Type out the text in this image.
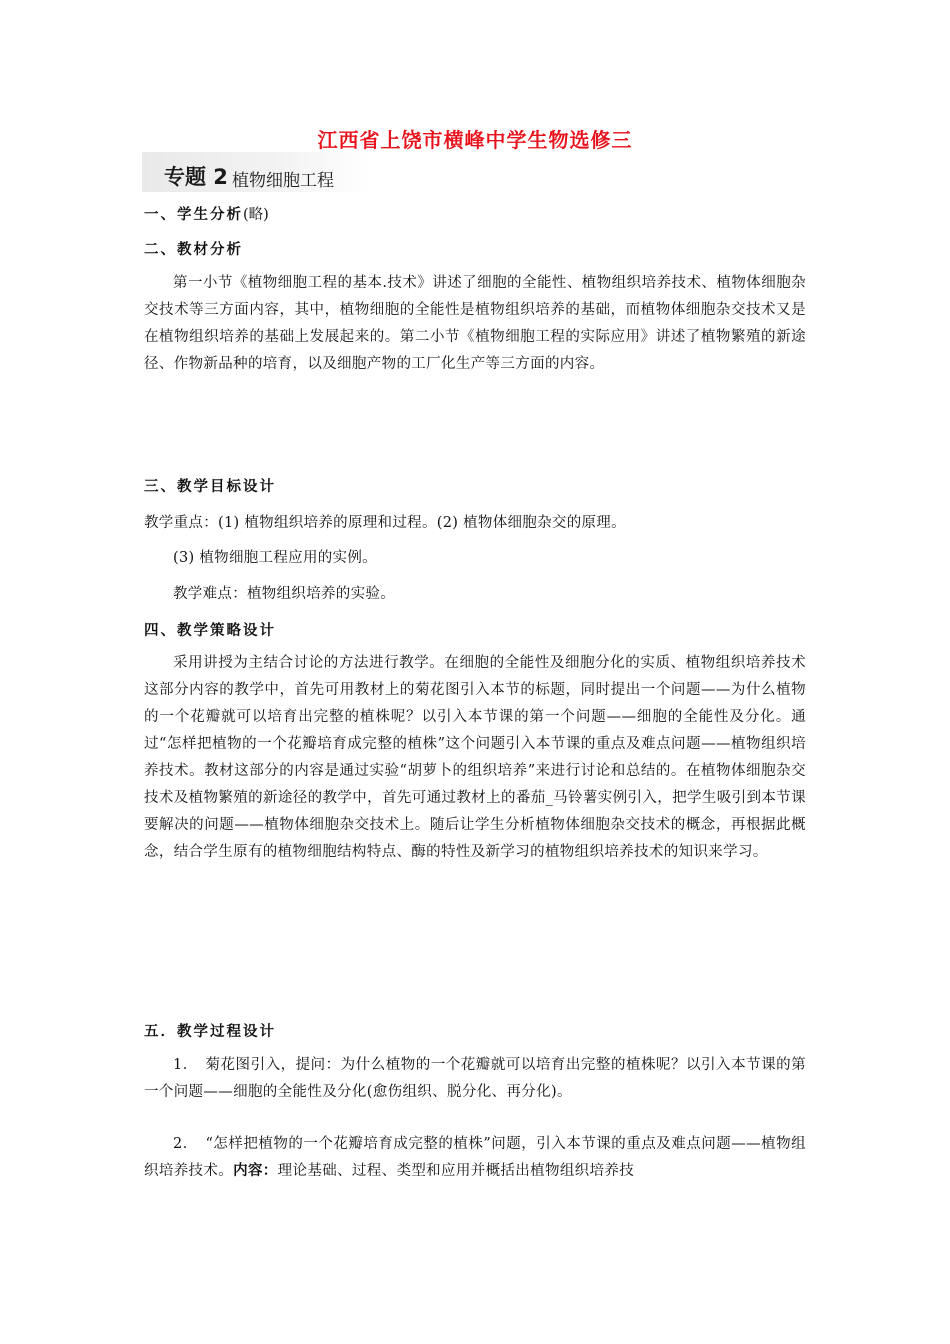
江西省上饶市横峰中学生物选修三
专题 2 植物细胞工程
一、学生分析(略)
二、教材分析
第一小节《植物细胞工程的基本.技术》讲述了细胞的全能性、植物组织培养技术、植物体细胞杂交技术等三方面内容，其中，植物细胞的全能性是植物组织培养的基础，而植物体细胞杂交技术又是在植物组织培养的基础上发展起来的。第二小节《植物细胞工程的实际应用》讲述了植物繁殖的新途径、作物新品种的培育，以及细胞产物的工厂化生产等三方面的内容。
三、教学目标设计
教学重点：(1) 植物组织培养的原理和过程。(2) 植物体细胞杂交的原理。
(3) 植物细胞工程应用的实例。
教学难点：植物组织培养的实验。
四、教学策略设计
采用讲授为主结合讨论的方法进行教学。在细胞的全能性及细胞分化的实质、植物组织培养技术这部分内容的教学中，首先可用教材上的菊花图引入本节的标题，同时提出一个问题——为什么植物的一个花瓣就可以培育出完整的植株呢？以引入本节课的第一个问题——细胞的全能性及分化。通过“怎样把植物的一个花瓣培育成完整的植株”这个问题引入本节课的重点及难点问题——植物组织培养技术。教材这部分的内容是通过实验“胡萝卜的组织培养”来进行讨论和总结的。在植物体细胞杂交技术及植物繁殖的新途径的教学中，首先可通过教材上的番茄_马铃薯实例引入，把学生吸引到本节课要解决的问题——植物体细胞杂交技术上。随后让学生分析植物体细胞杂交技术的概念，再根据此概念，结合学生原有的植物细胞结构特点、酶的特性及新学习的植物组织培养技术的知识来学习。
五．教学过程设计
1．　菊花图引入，提问：为什么植物的一个花瓣就可以培育出完整的植株呢？以引入本节课的第一个问题——细胞的全能性及分化(愈伤组织、脱分化、再分化)。
2．　“怎样把植物的一个花瓣培育成完整的植株”问题，引入本节课的重点及难点问题——植物组织培养技术。内容：理论基础、过程、类型和应用并概括出植物组织培养技
